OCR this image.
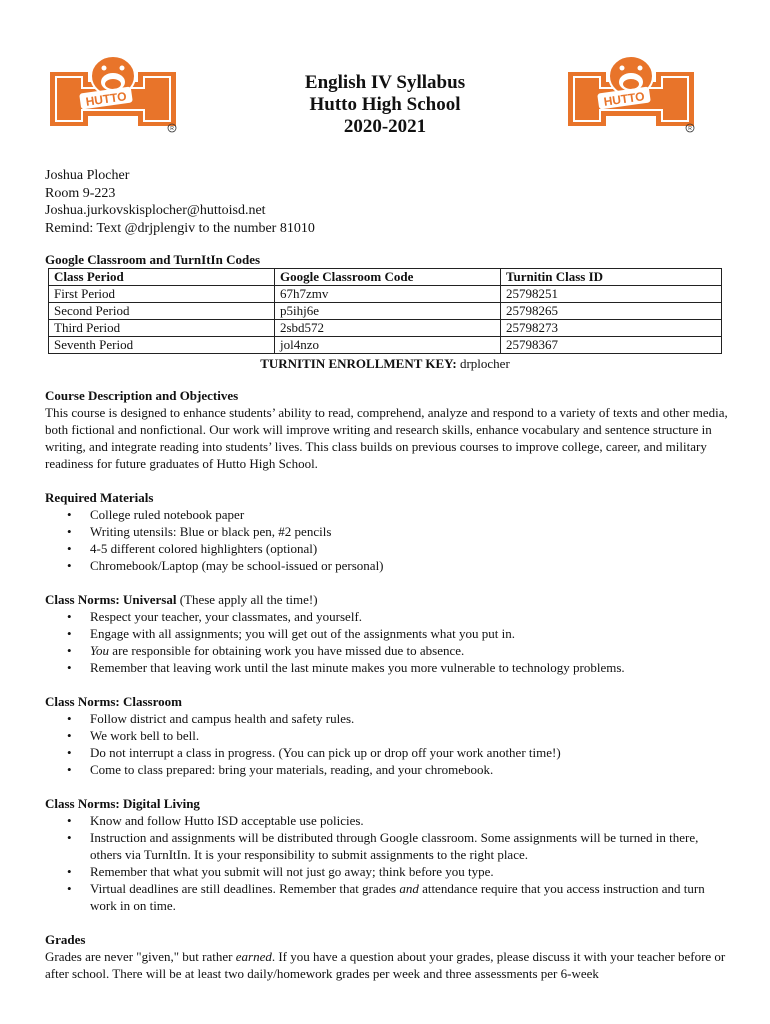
HUTTO
R
HUTTO
R
English IV Syllabus
Hutto High School
2020-2021
Joshua Plocher
Room 9-223
Joshua.jurkovskisplocher@huttoisd.net
Remind: Text @drjplengiv to the number 81010
Google Classroom and TurnItIn Codes
Class Period	Google Classroom Code	Turnitin Class ID
First Period	67h7zmv	25798251
Second Period	p5ihj6e	25798265
Third Period	2sbd572	25798273
Seventh Period	jol4nzo	25798367
TURNITIN ENROLLMENT KEY: drplocher
Course Description and Objectives

This course is designed to enhance students’ ability to read, comprehend, analyze and respond to a variety of texts and other media, both fictional and nonfictional. Our work will improve writing and research skills, enhance vocabulary and sentence structure in writing, and integrate reading into students’ lives. This class builds on previous courses to improve college, career, and military readiness for future graduates of Hutto High School.

Required Materials
• College ruled notebook paper
• Writing utensils: Blue or black pen, #2 pencils
• 4-5 different colored highlighters (optional)
• Chromebook/Laptop (may be school-issued or personal)
Class Norms: Universal (These apply all the time!)
• Respect your teacher, your classmates, and yourself.
• Engage with all assignments; you will get out of the assignments what you put in.
• You are responsible for obtaining work you have missed due to absence.
• Remember that leaving work until the last minute makes you more vulnerable to technology problems.
Class Norms: Classroom
• Follow district and campus health and safety rules.
• We work bell to bell.
• Do not interrupt a class in progress. (You can pick up or drop off your work another time!)
• Come to class prepared: bring your materials, reading, and your chromebook.
Class Norms: Digital Living
• Know and follow Hutto ISD acceptable use policies.
• Instruction and assignments will be distributed through Google classroom. Some assignments will be turned in there, others via TurnItIn. It is your responsibility to submit assignments to the right place.
• Remember that what you submit will not just go away; think before you type.
• Virtual deadlines are still deadlines. Remember that grades and attendance require that you access instruction and turn work in on time.
Grades

Grades are never "given," but rather earned. If you have a question about your grades, please discuss it with your teacher before or after school. There will be at least two daily/homework grades per week and three assessments per 6-week
